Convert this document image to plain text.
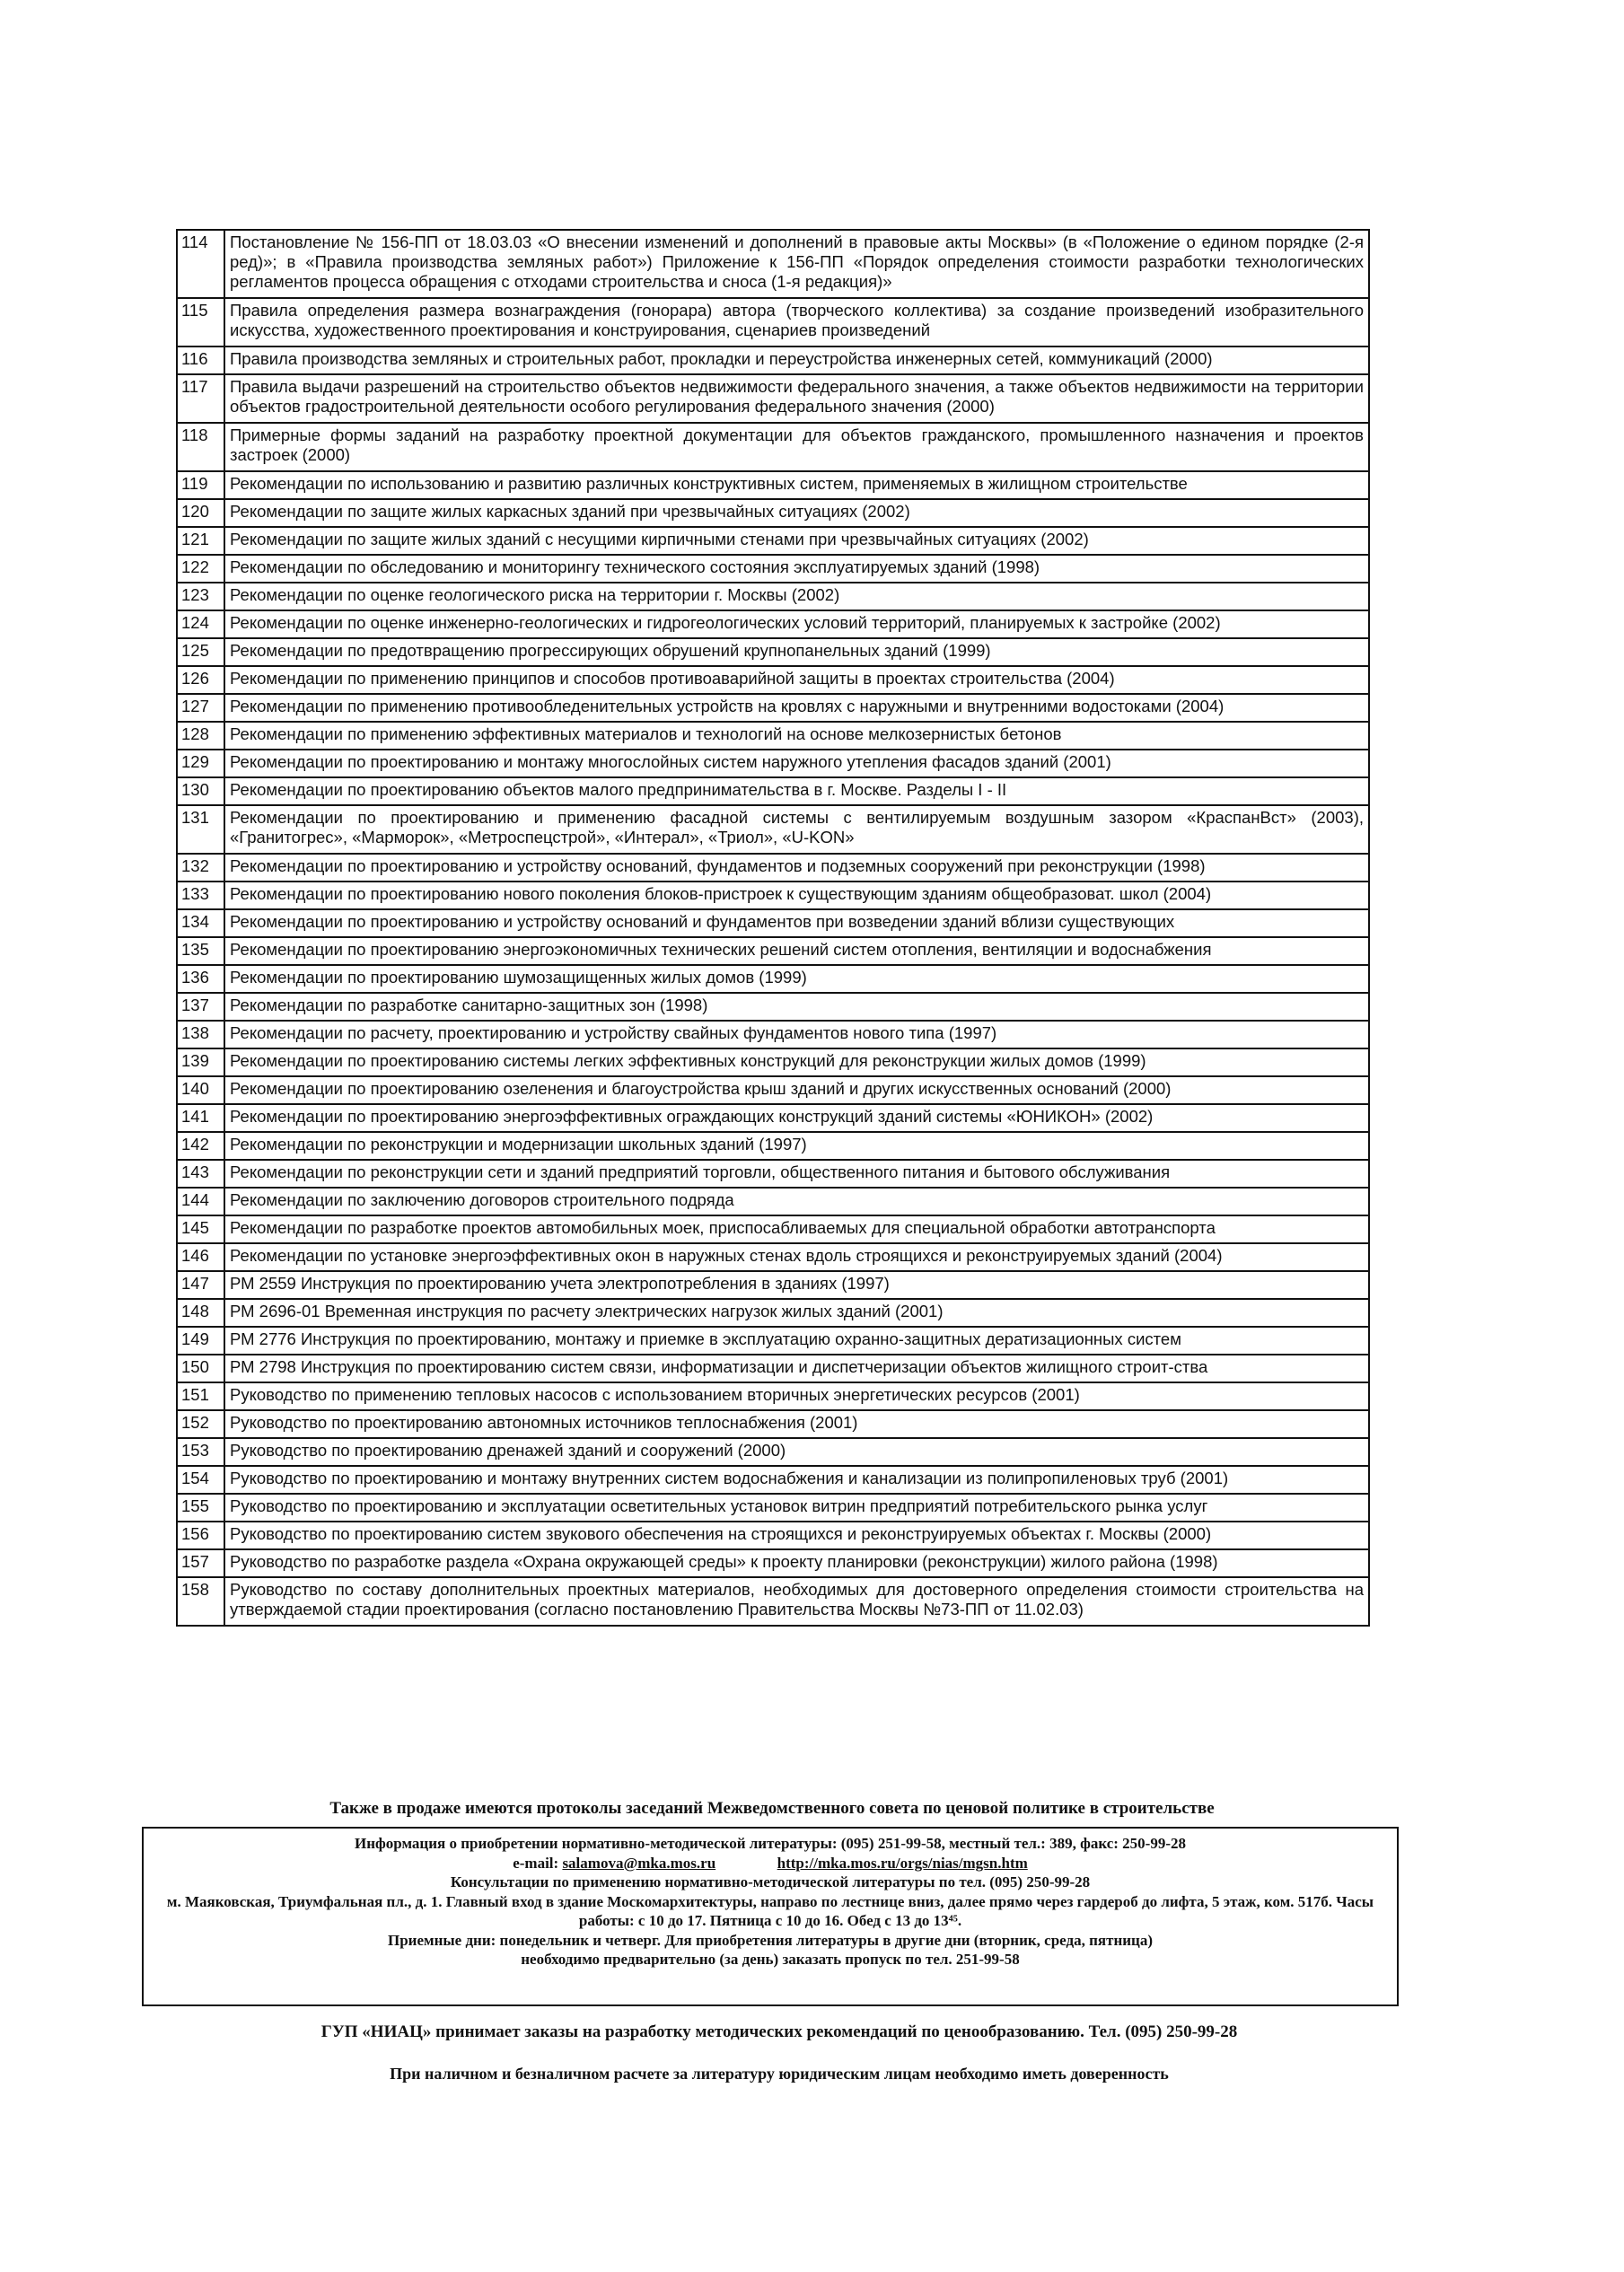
114	Постановление № 156-ПП от 18.03.03 «О внесении изменений и дополнений в правовые акты Москвы» (в «Положение о едином порядке (2-я ред)»; в «Правила производства земляных работ») Приложение к 156-ПП «Порядок определения стоимости разработки технологических регламентов процесса обращения с отходами строительства и сноса (1-я редакция)»
115	Правила определения размера вознаграждения (гонорара) автора (творческого коллектива) за создание произведений изобразительного искусства, художественного проектирования и конструирования, сценариев произведений
116	Правила производства земляных и строительных работ, прокладки и переустройства инженерных сетей, коммуникаций (2000)
117	Правила выдачи разрешений на строительство объектов недвижимости федерального значения, а также объектов недвижимости на территории объектов градостроительной деятельности особого регулирования федерального значения (2000)
118	Примерные формы заданий на разработку проектной документации для объектов гражданского, промышленного назначения и проектов застроек (2000)
119	Рекомендации по использованию и развитию различных конструктивных систем, применяемых в жилищном строительстве
120	Рекомендации по защите жилых каркасных зданий при чрезвычайных ситуациях (2002)
121	Рекомендации по защите жилых зданий с несущими кирпичными стенами при чрезвычайных ситуациях (2002)
122	Рекомендации по обследованию и мониторингу технического состояния эксплуатируемых зданий (1998)
123	Рекомендации по оценке геологического риска на территории г. Москвы (2002)
124	Рекомендации по оценке инженерно-геологических и гидрогеологических условий территорий, планируемых к застройке (2002)
125	Рекомендации по предотвращению прогрессирующих обрушений крупнопанельных зданий (1999)
126	Рекомендации по применению принципов и способов противоаварийной защиты в проектах строительства (2004)
127	Рекомендации по применению противообледенительных устройств на кровлях с наружными и внутренними водостоками (2004)
128	Рекомендации по применению эффективных материалов и технологий на основе мелкозернистых бетонов
129	Рекомендации по проектированию и монтажу многослойных систем наружного утепления фасадов зданий (2001)
130	Рекомендации по проектированию объектов малого предпринимательства в г. Москве. Разделы I - II
131	Рекомендации по проектированию и применению фасадной системы с вентилируемым воздушным зазором «КраспанВст» (2003), «Гранитогрес», «Марморок», «Метроспецстрой», «Интерал», «Триол», «U-KON»
132	Рекомендации по проектированию и устройству оснований, фундаментов и подземных сооружений при реконструкции (1998)
133	Рекомендации по проектированию нового поколения блоков-пристроек к существующим зданиям общеобразоват. школ (2004)
134	Рекомендации по проектированию и устройству оснований и фундаментов при возведении зданий вблизи существующих
135	Рекомендации по проектированию энергоэкономичных технических решений систем отопления, вентиляции и водоснабжения
136	Рекомендации по проектированию шумозащищенных жилых домов (1999)
137	Рекомендации по разработке санитарно-защитных зон (1998)
138	Рекомендации по расчету, проектированию и устройству свайных фундаментов нового типа (1997)
139	Рекомендации по проектированию системы легких эффективных конструкций для реконструкции жилых домов (1999)
140	Рекомендации по проектированию озеленения и благоустройства крыш зданий и других искусственных оснований (2000)
141	Рекомендации по проектированию энергоэффективных ограждающих конструкций зданий системы «ЮНИКОН» (2002)
142	Рекомендации по реконструкции и модернизации школьных зданий (1997)
143	Рекомендации по реконструкции сети и зданий предприятий торговли, общественного питания и бытового обслуживания
144	Рекомендации по заключению договоров строительного подряда
145	Рекомендации по разработке проектов автомобильных моек, приспосабливаемых для специальной обработки автотранспорта
146	Рекомендации по установке энергоэффективных окон в наружных стенах вдоль строящихся и реконструируемых зданий (2004)
147	РМ 2559 Инструкция по проектированию учета электропотребления в зданиях (1997)
148	РМ 2696-01 Временная инструкция по расчету электрических нагрузок жилых зданий (2001)
149	РМ 2776 Инструкция по проектированию, монтажу и приемке в эксплуатацию охранно-защитных дератизационных систем
150	РМ 2798 Инструкция по проектированию систем связи, информатизации и диспетчеризации объектов жилищного строит-ства
151	Руководство по применению тепловых насосов с использованием вторичных энергетических ресурсов (2001)
152	Руководство по проектированию автономных источников теплоснабжения (2001)
153	Руководство по проектированию дренажей зданий и сооружений (2000)
154	Руководство по проектированию и монтажу внутренних систем водоснабжения и канализации из полипропиленовых труб (2001)
155	Руководство по проектированию и эксплуатации осветительных установок витрин предприятий потребительского рынка услуг
156	Руководство по проектированию систем звукового обеспечения на строящихся и реконструируемых объектах г. Москвы (2000)
157	Руководство по разработке раздела «Охрана окружающей среды» к проекту планировки (реконструкции) жилого района (1998)
158	Руководство по составу дополнительных проектных материалов, необходимых для достоверного определения стоимости строительства на утверждаемой стадии проектирования (согласно постановлению Правительства Москвы №73-ПП от 11.02.03)
Также в продаже имеются протоколы заседаний Межведомственного совета по ценовой политике в строительстве
Информация о приобретении нормативно-методической литературы: (095) 251-99-58, местный тел.: 389, факс: 250-99-28
e-mail: salamova@mka.mos.ru	http://mka.mos.ru/orgs/nias/mgsn.htm
Консультации по применению нормативно-методической литературы по тел. (095) 250-99-28
м. Маяковская, Триумфальная пл., д. 1. Главный вход в здание Москомархитектуры, направо по лестнице вниз, далее прямо через гардероб до лифта, 5 этаж, ком. 517б. Часы работы: с 10 до 17. Пятница с 10 до 16. Обед с 13 до 13⁴⁵.
Приемные дни: понедельник и четверг. Для приобретения литературы в другие дни (вторник, среда, пятница)
необходимо предварительно (за день) заказать пропуск по тел. 251-99-58
ГУП «НИАЦ» принимает заказы на разработку методических рекомендаций по ценообразованию. Тел. (095) 250-99-28
При наличном и безналичном расчете за литературу юридическим лицам необходимо иметь доверенность
